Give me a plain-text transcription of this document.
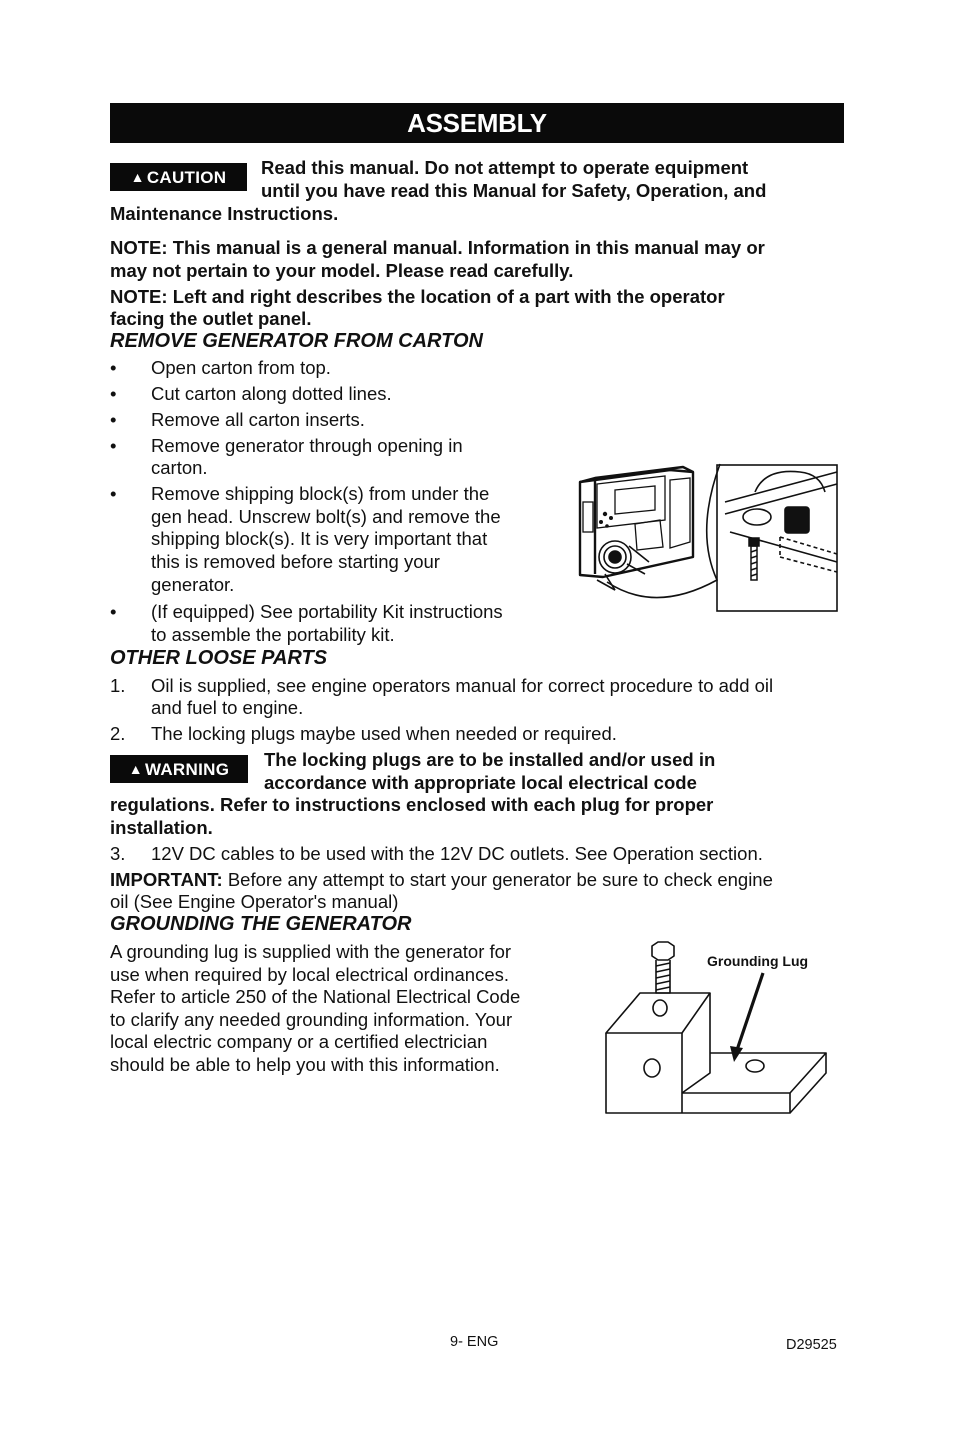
ASSEMBLY
▲ CAUTION	Read this manual. Do not attempt to operate equipment
until you have read this Manual for Safety, Operation, and
Maintenance Instructions.
NOTE: This manual is a general manual. Information in this manual may or
may not pertain to your model. Please read carefully.
NOTE: Left and right describes the location of a part with the operator
facing the outlet panel.
REMOVE GENERATOR FROM CARTON
• Open carton from top.
• Cut carton along dotted lines.
• Remove all carton inserts.
• Remove generator through opening in
carton.
• Remove shipping block(s) from under the
gen head. Unscrew bolt(s) and remove the
shipping block(s). It is very important that
this is removed before starting your
generator.
• (If equipped) See portability Kit instructions
to assemble the portability kit.
OTHER LOOSE PARTS
1. Oil is supplied, see engine operators manual for correct procedure to add oil
and fuel to engine.
2. The locking plugs maybe used when needed or required.
▲ WARNING	The locking plugs are to be installed and/or used in
accordance with appropriate local electrical code
regulations. Refer to instructions enclosed with each plug for proper
installation.
3. 12V DC cables to be used with the 12V DC outlets. See Operation section.
IMPORTANT: Before any attempt to start your generator be sure to check engine
oil (See Engine Operator's manual)
GROUNDING THE GENERATOR
A grounding lug is supplied with the generator for
use when required by local electrical ordinances.
Refer to article 250 of the National Electrical Code
to clarify any needed grounding information. Your
local electric company or a certified electrician
should be able to help you with this information.
Grounding Lug
9- ENG	D29525
